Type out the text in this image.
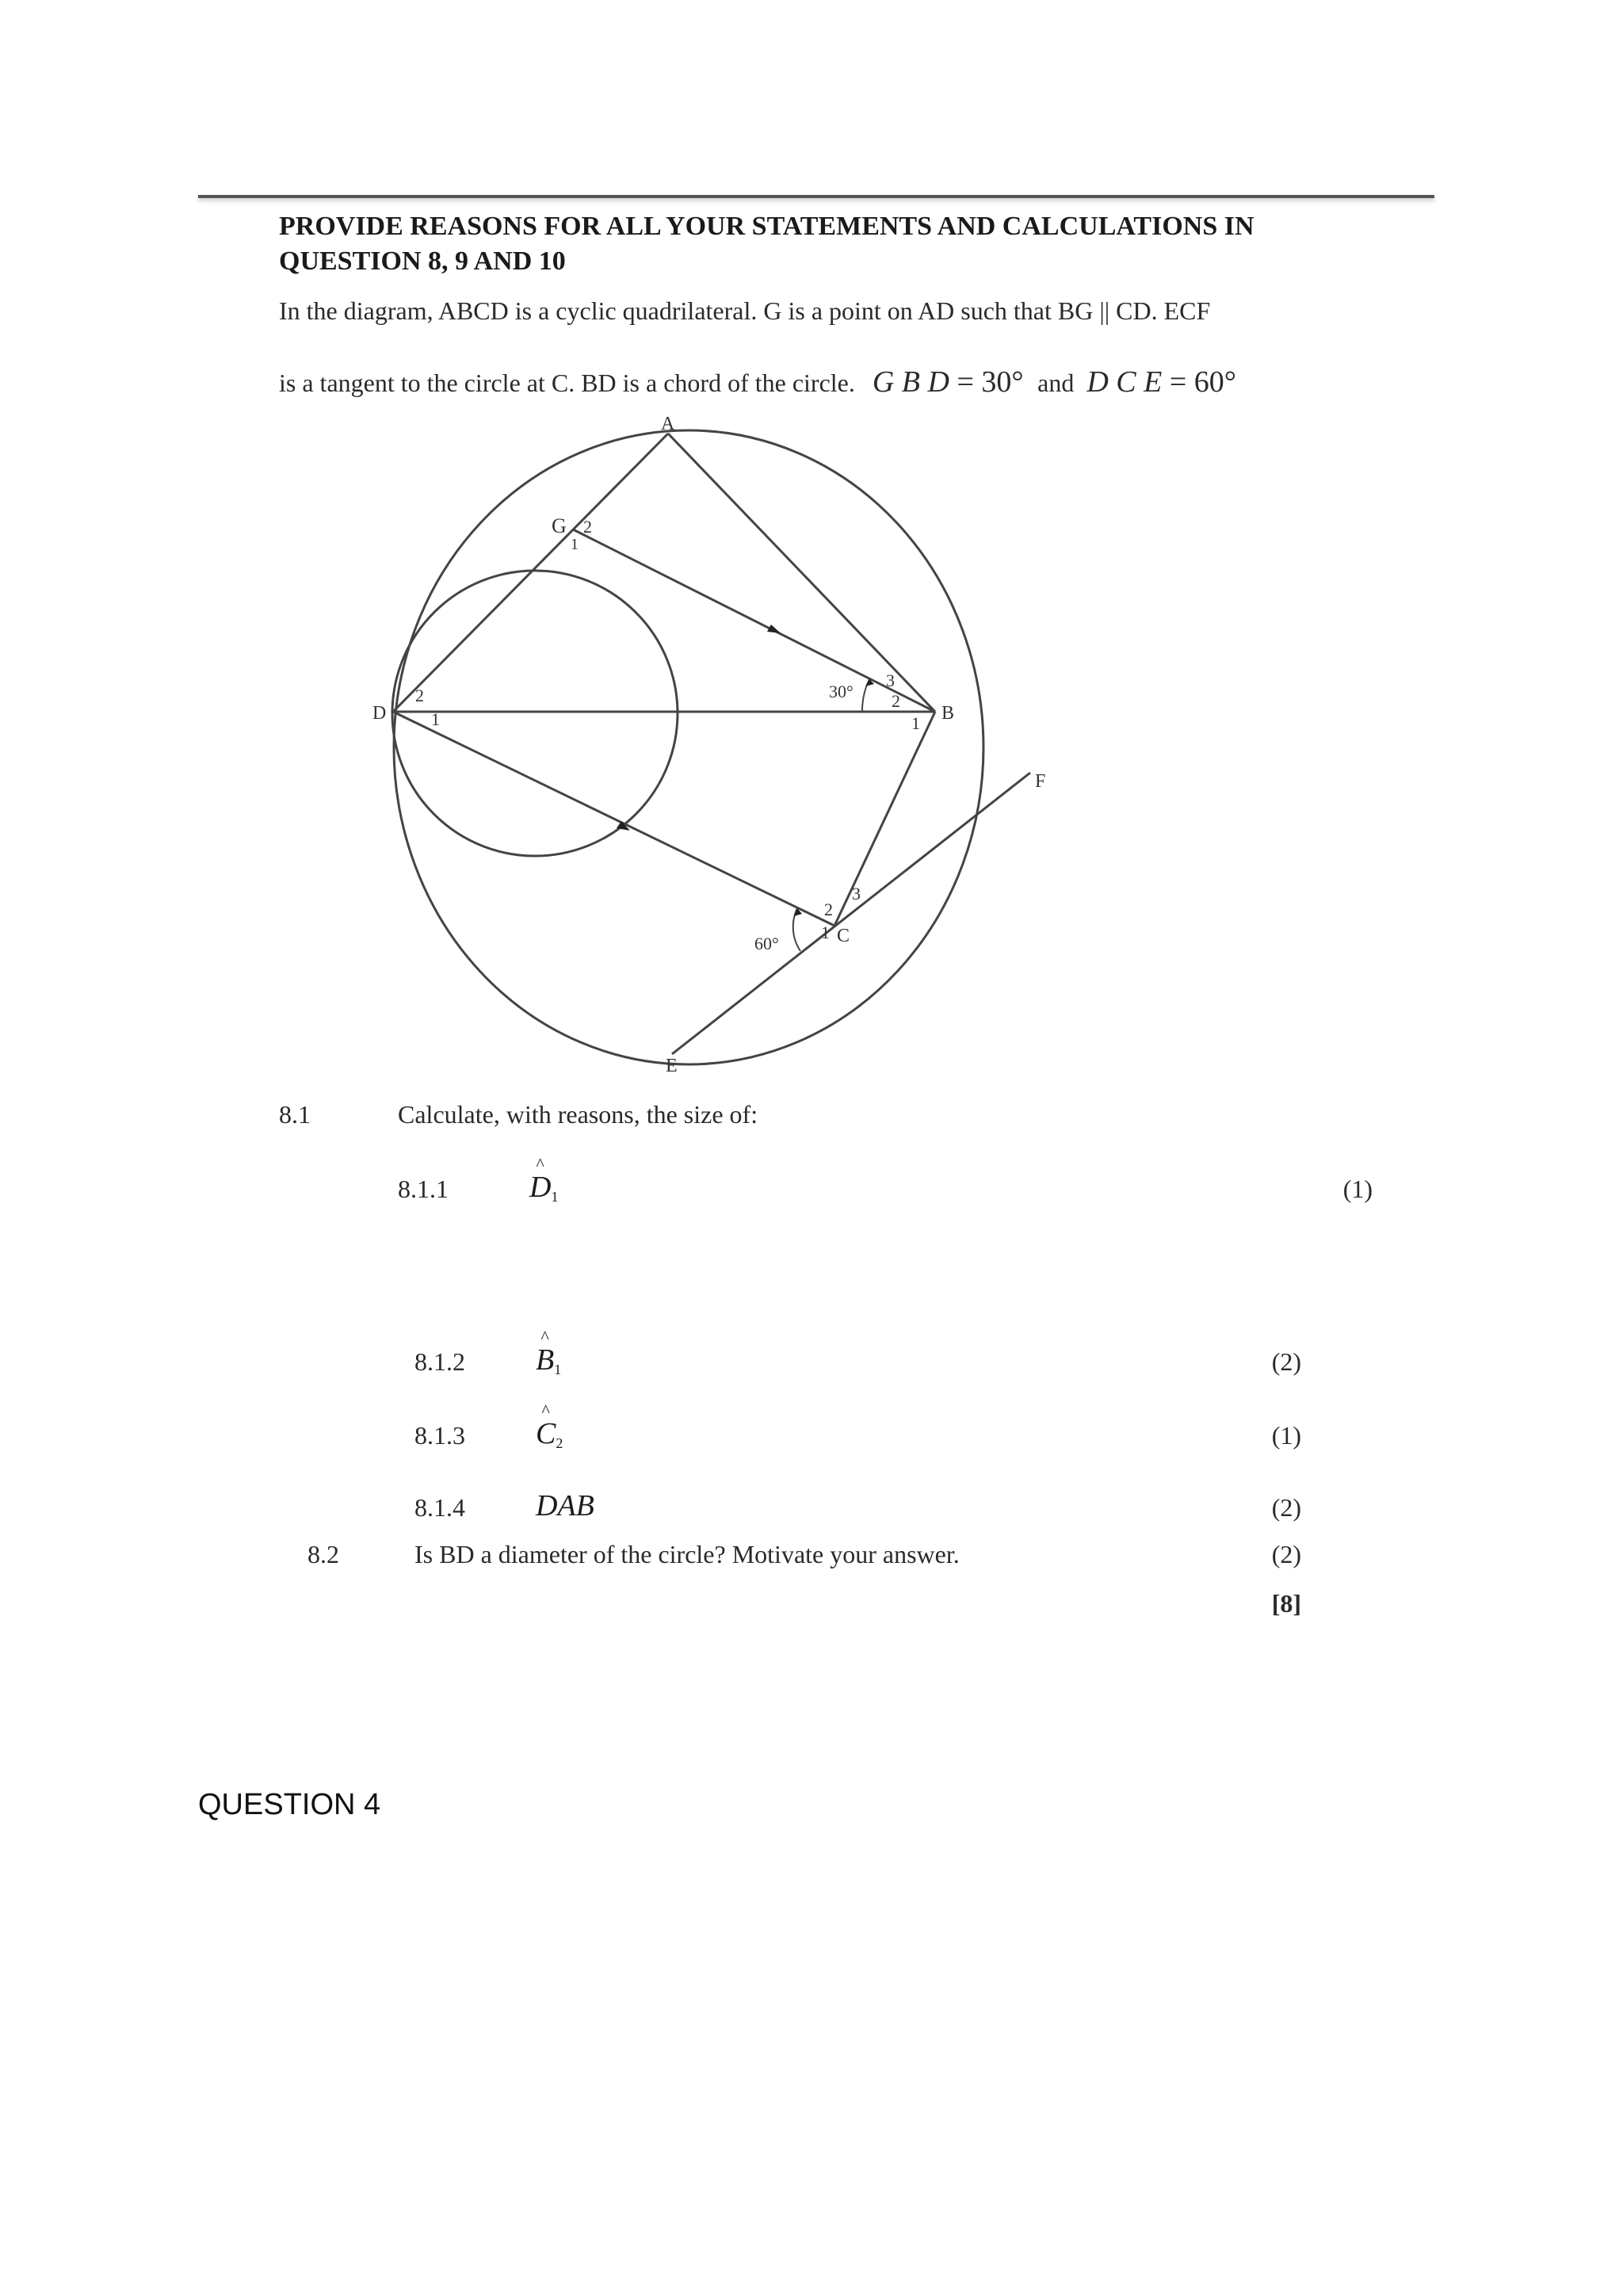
PROVIDE REASONS FOR ALL YOUR STATEMENTS AND CALCULATIONS IN
QUESTION 8, 9 AND 10
In the diagram, ABCD is a cyclic quadrilateral. G is a point on AD such that BG || CD. ECF
is a tangent to the circle at C. BD is a chord of the circle. G B D = 30° and D C E = 60°
A
B
C
D
E
F
G
1
2
1
2
1
2
3
1
2
3
30°
60°
8.1	Calculate, with reasons, the size of:
8.1.1	^ D1	(1)
8.1.2 ^ B1	(2)
8.1.3 ^ C2	(1)
8.1.4 DAB	(2)
8.2	Is BD a diameter of the circle? Motivate your answer.	(2)
[8]
QUESTION 4
